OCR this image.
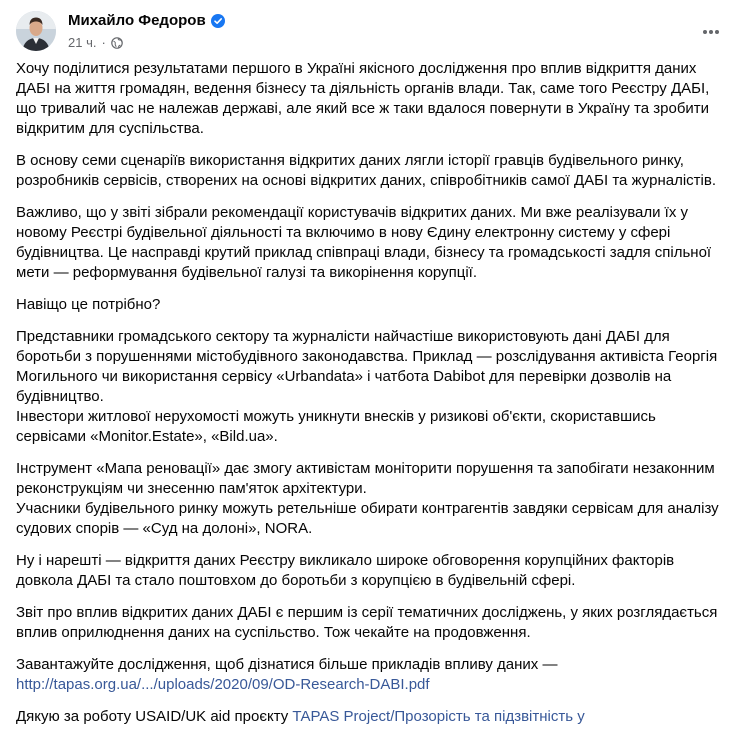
Михайло Федоров
21 ч. ·

Хочу поділитися результатами першого в Україні якісного дослідження про вплив відкриття даних ДАБІ на життя громадян, ведення бізнесу та діяльність органів влади. Так, саме того Реєстру ДАБІ, що тривалий час не належав державі, але який все ж таки вдалося повернути в Україну та зробити відкритим для суспільства.

В основу семи сценаріїв використання відкритих даних лягли історії гравців будівельного ринку, розробників сервісів, створених на основі відкритих даних, співробітників самої ДАБІ та журналістів.

Важливо, що у звіті зібрали рекомендації користувачів відкритих даних. Ми вже реалізували їх у новому Реєстрі будівельної діяльності та включимо в нову Єдину електронну систему у сфері будівництва. Це насправді крутий приклад співпраці влади, бізнесу та громадськості задля спільної мети — реформування будівельної галузі та викорінення корупції.

Навіщо це потрібно?

Представники громадського сектору та журналісти найчастіше використовують дані ДАБІ для боротьби з порушеннями містобудівного законодавства. Приклад — розслідування активіста Георгія Могильного чи використання сервісу «Urbandata» і чатбота Dabibot для перевірки дозволів на будівництво.

Інвестори житлової нерухомості можуть уникнути внесків у ризикові об'єкти, скориставшись сервісами «Monitor.Estate», «Bild.ua».

Інструмент «Мапа реновації» дає змогу активістам моніторити порушення та запобігати незаконним реконструкціям чи знесенню пам'яток архітектури.

Учасники будівельного ринку можуть ретельніше обирати контрагентів завдяки сервісам для аналізу судових спорів — «Суд на долоні», NORA.

Ну і нарешті — відкриття даних Реєстру викликало широке обговорення корупційних факторів довкола ДАБІ та стало поштовхом до боротьби з корупцією в будівельній сфері.

Звіт про вплив відкритих даних ДАБІ є першим із серії тематичних досліджень, у яких розглядається вплив оприлюднення даних на суспільство. Тож чекайте на продовження.

Завантажуйте дослідження, щоб дізнатися більше прикладів впливу даних —
http://tapas.org.ua/.../uploads/2020/09/OD-Research-DABI.pdf

Дякую за роботу USAID/UK aid проєкту TAPAS Project/Прозорість та підзвітність у
